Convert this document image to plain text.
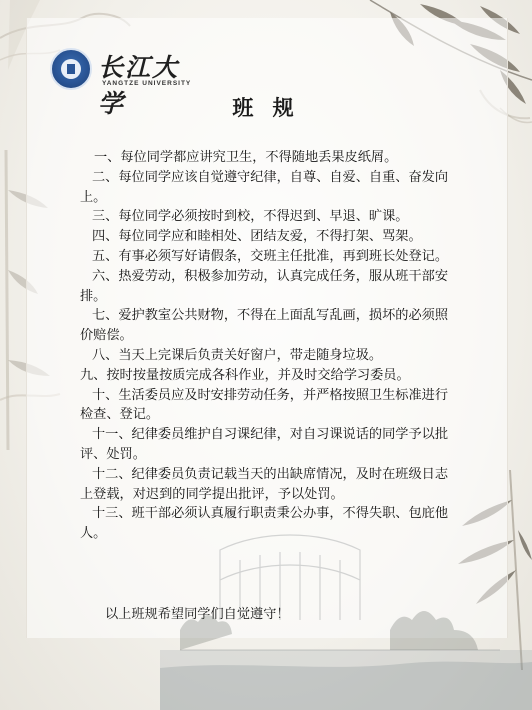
长江大学
YANGTZE UNIVERSITY
班 规

一、每位同学都应讲究卫生，不得随地丢果皮纸屑。

二、每位同学应该自觉遵守纪律，自尊、自爱、自重、奋发向上。

三、每位同学必须按时到校，不得迟到、早退、旷课。

四、每位同学应和睦相处、团结友爱，不得打架、骂架。

五、有事必须写好请假条，交班主任批准，再到班长处登记。

六、热爱劳动，积极参加劳动，认真完成任务，服从班干部安排。

七、爱护教室公共财物，不得在上面乱写乱画，损坏的必须照价赔偿。

八、当天上完课后负责关好窗户，带走随身垃圾。

九、按时按量按质完成各科作业，并及时交给学习委员。

十、生活委员应及时安排劳动任务，并严格按照卫生标准进行检查、登记。

十一、纪律委员维护自习课纪律，对自习课说话的同学予以批评、处罚。

十二、纪律委员负责记载当天的出缺席情况，及时在班级日志上登载，对迟到的同学提出批评，予以处罚。

十三、班干部必须认真履行职责秉公办事，不得失职、包庇他人。

以上班规希望同学们自觉遵守！
